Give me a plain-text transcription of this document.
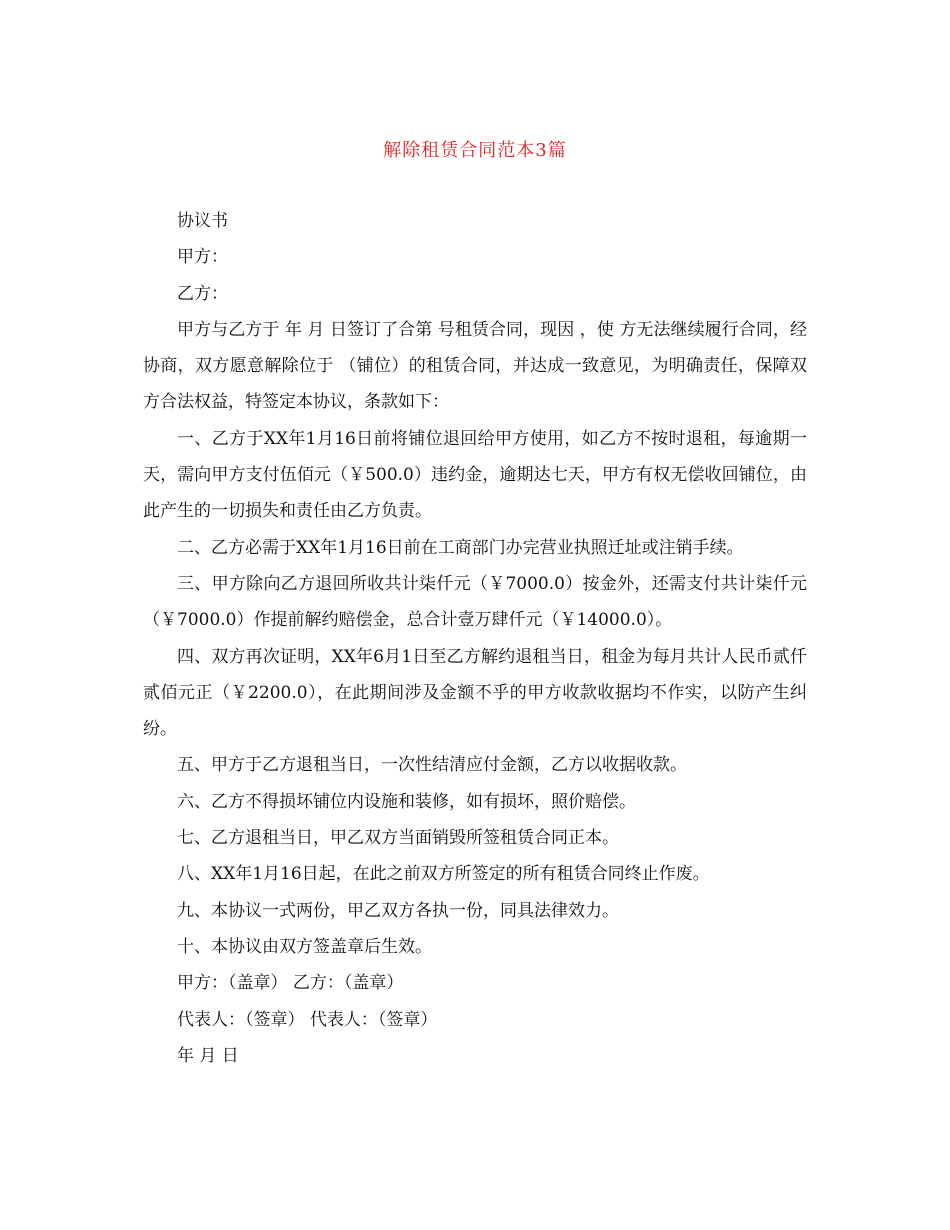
解除租赁合同范本3篇

协议书

甲方：

乙方：

甲方与乙方于 年 月 日签订了合第 号租赁合同，现因 ，使 方无法继续履行合同，经协商，双方愿意解除位于 （铺位）的租赁合同，并达成一致意见，为明确责任，保障双方合法权益，特签定本协议，条款如下：

一、乙方于XX年1月16日前将铺位退回给甲方使用，如乙方不按时退租，每逾期一天，需向甲方支付伍佰元（￥500.0）违约金，逾期达七天，甲方有权无偿收回铺位，由此产生的一切损失和责任由乙方负责。

二、乙方必需于XX年1月16日前在工商部门办完营业执照迁址或注销手续。

三、甲方除向乙方退回所收共计柒仟元（￥7000.0）按金外，还需支付共计柒仟元（￥7000.0）作提前解约赔偿金，总合计壹万肆仟元（￥14000.0）。

四、双方再次证明，XX年6月1日至乙方解约退租当日，租金为每月共计人民币贰仟贰佰元正（￥2200.0），在此期间涉及金额不乎的甲方收款收据均不作实，以防产生纠纷。

五、甲方于乙方退租当日，一次性结清应付金额，乙方以收据收款。

六、乙方不得损坏铺位内设施和装修，如有损坏，照价赔偿。

七、乙方退租当日，甲乙双方当面销毁所签租赁合同正本。

八、XX年1月16日起，在此之前双方所签定的所有租赁合同终止作废。

九、本协议一式两份，甲乙双方各执一份，同具法律效力。

十、本协议由双方签盖章后生效。

甲方：（盖章） 乙方：（盖章）

代表人：（签章） 代表人：（签章）

年 月 日
